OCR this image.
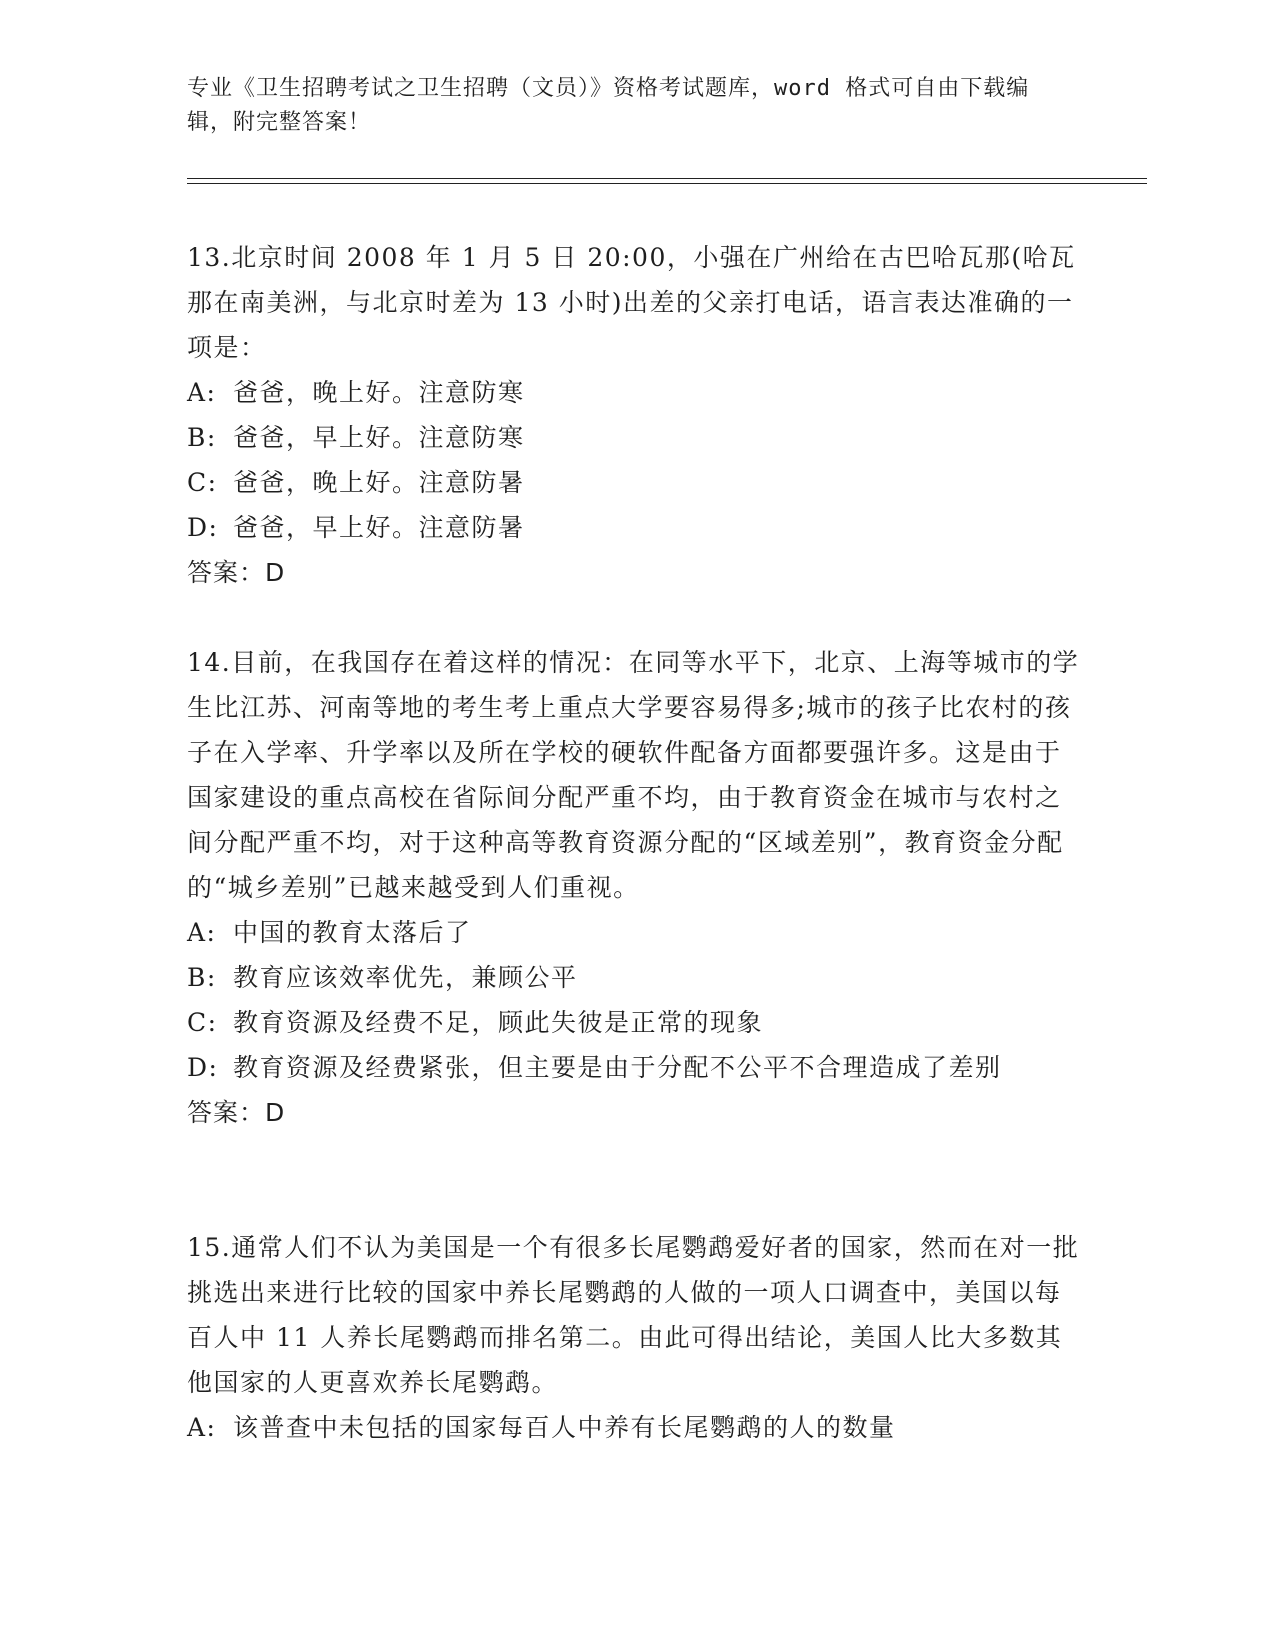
专业《卫生招聘考试之卫生招聘（文员）》资格考试题库，word 格式可自由下载编辑，附完整答案！

13.北京时间 2008 年 1 月 5 日 20:00，小强在广州给在古巴哈瓦那(哈瓦那在南美洲，与北京时差为 13 小时)出差的父亲打电话，语言表达准确的一项是：

A: 爸爸，晚上好。注意防寒

B: 爸爸，早上好。注意防寒

C: 爸爸，晚上好。注意防暑

D: 爸爸，早上好。注意防暑

答案：D

14.目前，在我国存在着这样的情况：在同等水平下，北京、上海等城市的学生比江苏、河南等地的考生考上重点大学要容易得多;城市的孩子比农村的孩子在入学率、升学率以及所在学校的硬软件配备方面都要强许多。这是由于国家建设的重点高校在省际间分配严重不均，由于教育资金在城市与农村之间分配严重不均，对于这种高等教育资源分配的“区域差别”，教育资金分配的“城乡差别”已越来越受到人们重视。

A: 中国的教育太落后了

B: 教育应该效率优先，兼顾公平

C: 教育资源及经费不足，顾此失彼是正常的现象

D: 教育资源及经费紧张，但主要是由于分配不公平不合理造成了差别

答案：D

15.通常人们不认为美国是一个有很多长尾鹦鹉爱好者的国家，然而在对一批挑选出来进行比较的国家中养长尾鹦鹉的人做的一项人口调查中，美国以每百人中 11 人养长尾鹦鹉而排名第二。由此可得出结论，美国人比大多数其他国家的人更喜欢养长尾鹦鹉。

A: 该普查中未包括的国家每百人中养有长尾鹦鹉的人的数量
